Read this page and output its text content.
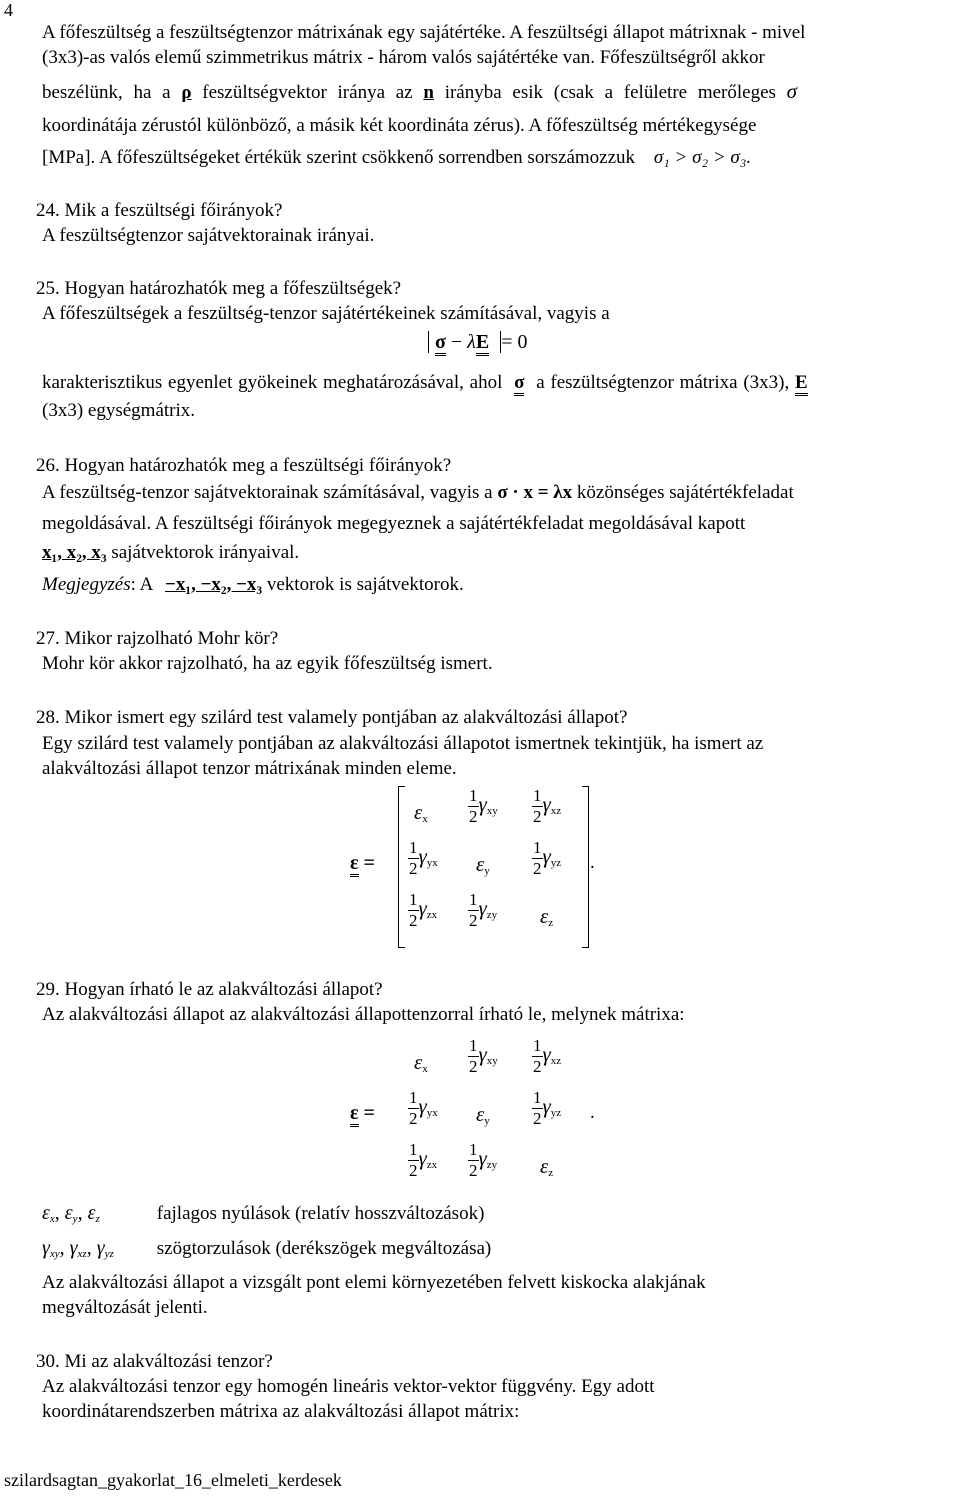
4
A főfeszültség a feszültségtenzor mátrixának egy sajátértéke. A feszültségi állapot mátrixnak - mivel
(3x3)-as valós elemű szimmetrikus mátrix - három valós sajátértéke van. Főfeszültségről akkor
beszélünk, ha a ρ feszültségvektor iránya az n irányba esik (csak a felületre merőleges σ
koordinátája zérustól különböző, a másik két koordináta zérus). A főfeszültség mértékegysége
[MPa]. A főfeszültségeket értékük szerint csökkenő sorrendben sorszámozzuk σ₁ > σ₂ > σ₃.
24. Mik a feszültségi főirányok?
A feszültségtenzor sajátvektorainak irányai.
25. Hogyan határozhatók meg a főfeszültségek?
A főfeszültségek a feszültség-tenzor sajátértékeinek számításával, vagyis a
σ − λE = 0
karakterisztikus egyenlet gyökeinek meghatározásával, ahol σ a feszültségtenzor mátrixa (3x3), E
(3x3) egységmátrix.
26. Hogyan határozhatók meg a feszültségi főirányok?
A feszültség-tenzor sajátvektorainak számításával, vagyis a σ · x = λx közönséges sajátértékfeladat
megoldásával. A feszültségi főirányok megegyeznek a sajátértékfeladat megoldásával kapott
x₁, x₂, x₃ sajátvektorok irányaival.
Megjegyzés: A −x₁, −x₂, −x₃ vektorok is sajátvektorok.
27. Mikor rajzolható Mohr kör?
Mohr kör akkor rajzolható, ha az egyik főfeszültség ismert.
28. Mikor ismert egy szilárd test valamely pontjában az alakváltozási állapot?
Egy szilárd test valamely pontjában az alakváltozási állapotot ismertnek tekintjük, ha ismert az
alakváltozási állapot tenzor mátrixának minden eleme.
ε =
$\varepsilon_x \frac{1}{2} \gamma_{xy} \frac{1}{2} \gamma_{xz}$
$\frac{1}{2} \gamma_{yx}$ $\varepsilon_y \frac{1}{2} \gamma_{yz}$
$\frac{1}{2} \gamma_{zx} \frac{1}{2} \gamma_{zy}$ $\varepsilon_z$
.
29. Hogyan írható le az alakváltozási állapot?
Az alakváltozási állapot az alakváltozási állapottenzorral írható le, melynek mátrixa:
ε =
$\varepsilon_x \frac{1}{2} \gamma_{xy} \frac{1}{2} \gamma_{xz}$
$\frac{1}{2} \gamma_{yx}$ $\varepsilon_y \frac{1}{2} \gamma_{yz}$
$\frac{1}{2} \gamma_{zx} \frac{1}{2} \gamma_{zy}$ $\varepsilon_z$
.
$\varepsilon_x$, $\varepsilon_y$, $\varepsilon_z$	fajlagos nyúlások (relatív hosszváltozások)
$\gamma_{xy}$, $\gamma_{xz}$, $\gamma_{yz}$ szögtorzulások (derékszögek megváltozása)
Az alakváltozási állapot a vizsgált pont elemi környezetében felvett kiskocka alakjának
megváltozását jelenti.
30. Mi az alakváltozási tenzor?
Az alakváltozási tenzor egy homogén lineáris vektor-vektor függvény. Egy adott
koordinátarendszerben mátrixa az alakváltozási állapot mátrix:
szilardsagtan_gyakorlat_16_elmeleti_kerdesek
